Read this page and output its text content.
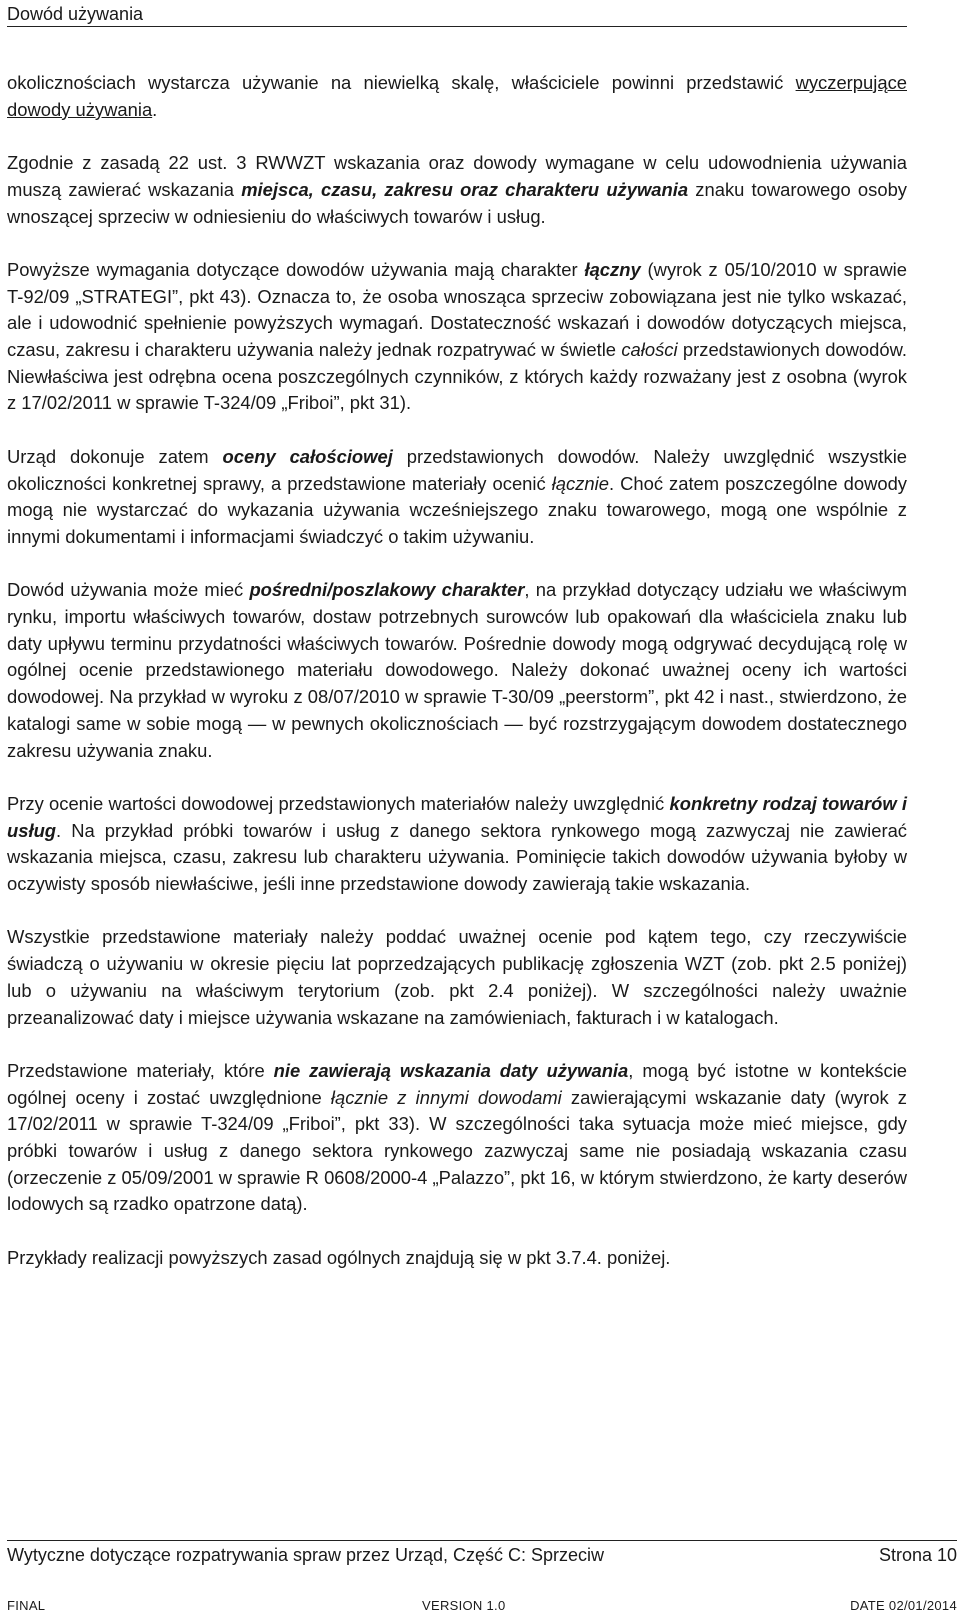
Dowód używania

okolicznościach wystarcza używanie na niewielką skalę, właściciele powinni przedstawić wyczerpujące dowody używania.

Zgodnie z zasadą 22 ust. 3 RWWZT wskazania oraz dowody wymagane w celu udowodnienia używania muszą zawierać wskazania miejsca, czasu, zakresu oraz charakteru używania znaku towarowego osoby wnoszącej sprzeciw w odniesieniu do właściwych towarów i usług.

Powyższe wymagania dotyczące dowodów używania mają charakter łączny (wyrok z 05/10/2010 w sprawie T-92/09 „STRATEGI”, pkt 43). Oznacza to, że osoba wnosząca sprzeciw zobowiązana jest nie tylko wskazać, ale i udowodnić spełnienie powyższych wymagań. Dostateczność wskazań i dowodów dotyczących miejsca, czasu, zakresu i charakteru używania należy jednak rozpatrywać w świetle całości przedstawionych dowodów. Niewłaściwa jest odrębna ocena poszczególnych czynników, z których każdy rozważany jest z osobna (wyrok z 17/02/2011 w sprawie T-324/09 „Friboi”, pkt 31).

Urząd dokonuje zatem oceny całościowej przedstawionych dowodów. Należy uwzględnić wszystkie okoliczności konkretnej sprawy, a przedstawione materiały ocenić łącznie. Choć zatem poszczególne dowody mogą nie wystarczać do wykazania używania wcześniejszego znaku towarowego, mogą one wspólnie z innymi dokumentami i informacjami świadczyć o takim używaniu.

Dowód używania może mieć pośredni/poszlakowy charakter, na przykład dotyczący udziału we właściwym rynku, importu właściwych towarów, dostaw potrzebnych surowców lub opakowań dla właściciela znaku lub daty upływu terminu przydatności właściwych towarów. Pośrednie dowody mogą odgrywać decydującą rolę w ogólnej ocenie przedstawionego materiału dowodowego. Należy dokonać uważnej oceny ich wartości dowodowej. Na przykład w wyroku z 08/07/2010 w sprawie T-30/09 „peerstorm”, pkt 42 i nast., stwierdzono, że katalogi same w sobie mogą — w pewnych okolicznościach — być rozstrzygającym dowodem dostatecznego zakresu używania znaku.

Przy ocenie wartości dowodowej przedstawionych materiałów należy uwzględnić konkretny rodzaj towarów i usług. Na przykład próbki towarów i usług z danego sektora rynkowego mogą zazwyczaj nie zawierać wskazania miejsca, czasu, zakresu lub charakteru używania. Pominięcie takich dowodów używania byłoby w oczywisty sposób niewłaściwe, jeśli inne przedstawione dowody zawierają takie wskazania.

Wszystkie przedstawione materiały należy poddać uważnej ocenie pod kątem tego, czy rzeczywiście świadczą o używaniu w okresie pięciu lat poprzedzających publikację zgłoszenia WZT (zob. pkt 2.5 poniżej) lub o używaniu na właściwym terytorium (zob. pkt 2.4 poniżej). W szczególności należy uważnie przeanalizować daty i miejsce używania wskazane na zamówieniach, fakturach i w katalogach.

Przedstawione materiały, które nie zawierają wskazania daty używania, mogą być istotne w kontekście ogólnej oceny i zostać uwzględnione łącznie z innymi dowodami zawierającymi wskazanie daty (wyrok z 17/02/2011 w sprawie T-324/09 „Friboi”, pkt 33). W szczególności taka sytuacja może mieć miejsce, gdy próbki towarów i usług z danego sektora rynkowego zazwyczaj same nie posiadają wskazania czasu (orzeczenie z 05/09/2001 w sprawie R 0608/2000-4 „Palazzo”, pkt 16, w którym stwierdzono, że karty deserów lodowych są rzadko opatrzone datą).

Przykłady realizacji powyższych zasad ogólnych znajdują się w pkt 3.7.4. poniżej.

Wytyczne dotyczące rozpatrywania spraw przez Urząd, Część C: Sprzeciw	Strona 10
FINAL	VERSION 1.0	DATE 02/01/2014
